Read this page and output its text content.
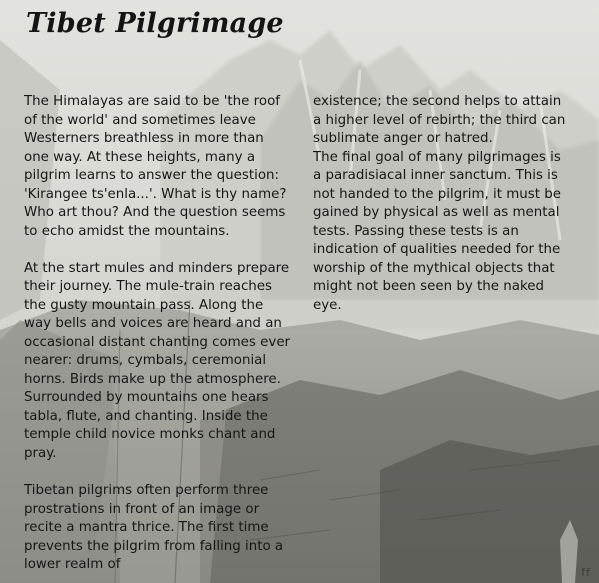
Tibet Pilgrimage

The Himalayas are said to be 'the roof of the world' and sometimes leave Westerners breathless in more than one way. At these heights, many a pilgrim learns to answer the question: 'Kirangee ts'enla...'. What is thy name? Who art thou? And the question seems to echo amidst the mountains.

At the start mules and minders prepare their journey. The mule-train reaches the gusty mountain pass. Along the way bells and voices are heard and an occasional distant chanting comes ever nearer: drums, cymbals, ceremonial horns. Birds make up the atmosphere. Surrounded by mountains one hears tabla, flute, and chanting. Inside the temple child novice monks chant and pray.

Tibetan pilgrims often perform three prostrations in front of an image or recite a mantra thrice. The first time prevents the pilgrim from falling into a lower realm of

existence; the second helps to attain a higher level of rebirth; the third can sublimate anger or hatred.

The final goal of many pilgrimages is a paradisiacal inner sanctum. This is not handed to the pilgrim, it must be gained by physical as well as mental tests. Passing these tests is an indication of qualities needed for the worship of the mythical objects that might not been seen by the naked eye.

ff
